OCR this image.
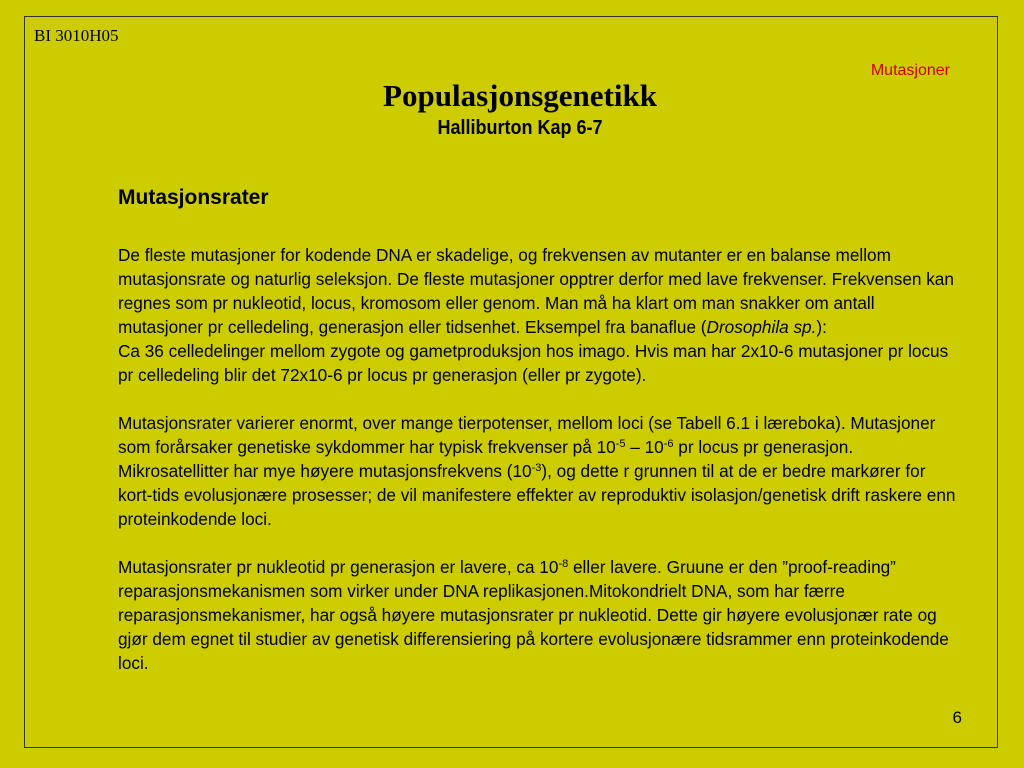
BI 3010H05
Mutasjoner
Populasjonsgenetikk
Halliburton Kap 6-7
Mutasjonsrater

De fleste mutasjoner for kodende DNA er skadelige, og frekvensen av mutanter er en balanse mellom mutasjonsrate og naturlig seleksjon. De fleste mutasjoner opptrer derfor med lave frekvenser. Frekvensen kan regnes som pr nukleotid, locus, kromosom eller genom. Man må ha klart om man snakker om antall mutasjoner pr celledeling, generasjon eller tidsenhet. Eksempel fra banaflue (Drosophila sp.):

Ca 36 celledelinger mellom zygote og gametproduksjon hos imago. Hvis man har 2x10-6 mutasjoner pr locus pr celledeling blir det 72x10-6 pr locus pr generasjon (eller pr zygote).

Mutasjonsrater varierer enormt, over mange tierpotenser, mellom loci (se Tabell 6.1 i læreboka). Mutasjoner som forårsaker genetiske sykdommer har typisk frekvenser på $10^{-5} - 10^{-6}$ pr locus pr generasjon. Mikrosatellitter har mye høyere mutasjonsfrekvens $(10^{-3})$, og dette r grunnen til at de er bedre markører for kort-tids evolusjonære prosesser; de vil manifestere effekter av reproduktiv isolasjon/genetisk drift raskere enn proteinkodende loci.

Mutasjonsrater pr nukleotid pr generasjon er lavere, ca $10^{-8}$ eller lavere. Gruune er den ”proof-reading” reparasjonsmekanismen som virker under DNA replikasjonen.Mitokondrielt DNA, som har færre reparasjonsmekanismer, har også høyere mutasjonsrater pr nukleotid. Dette gir høyere evolusjonær rate og gjør dem egnet til studier av genetisk differensiering på kortere evolusjonære tidsrammer enn proteinkodende loci.

6
